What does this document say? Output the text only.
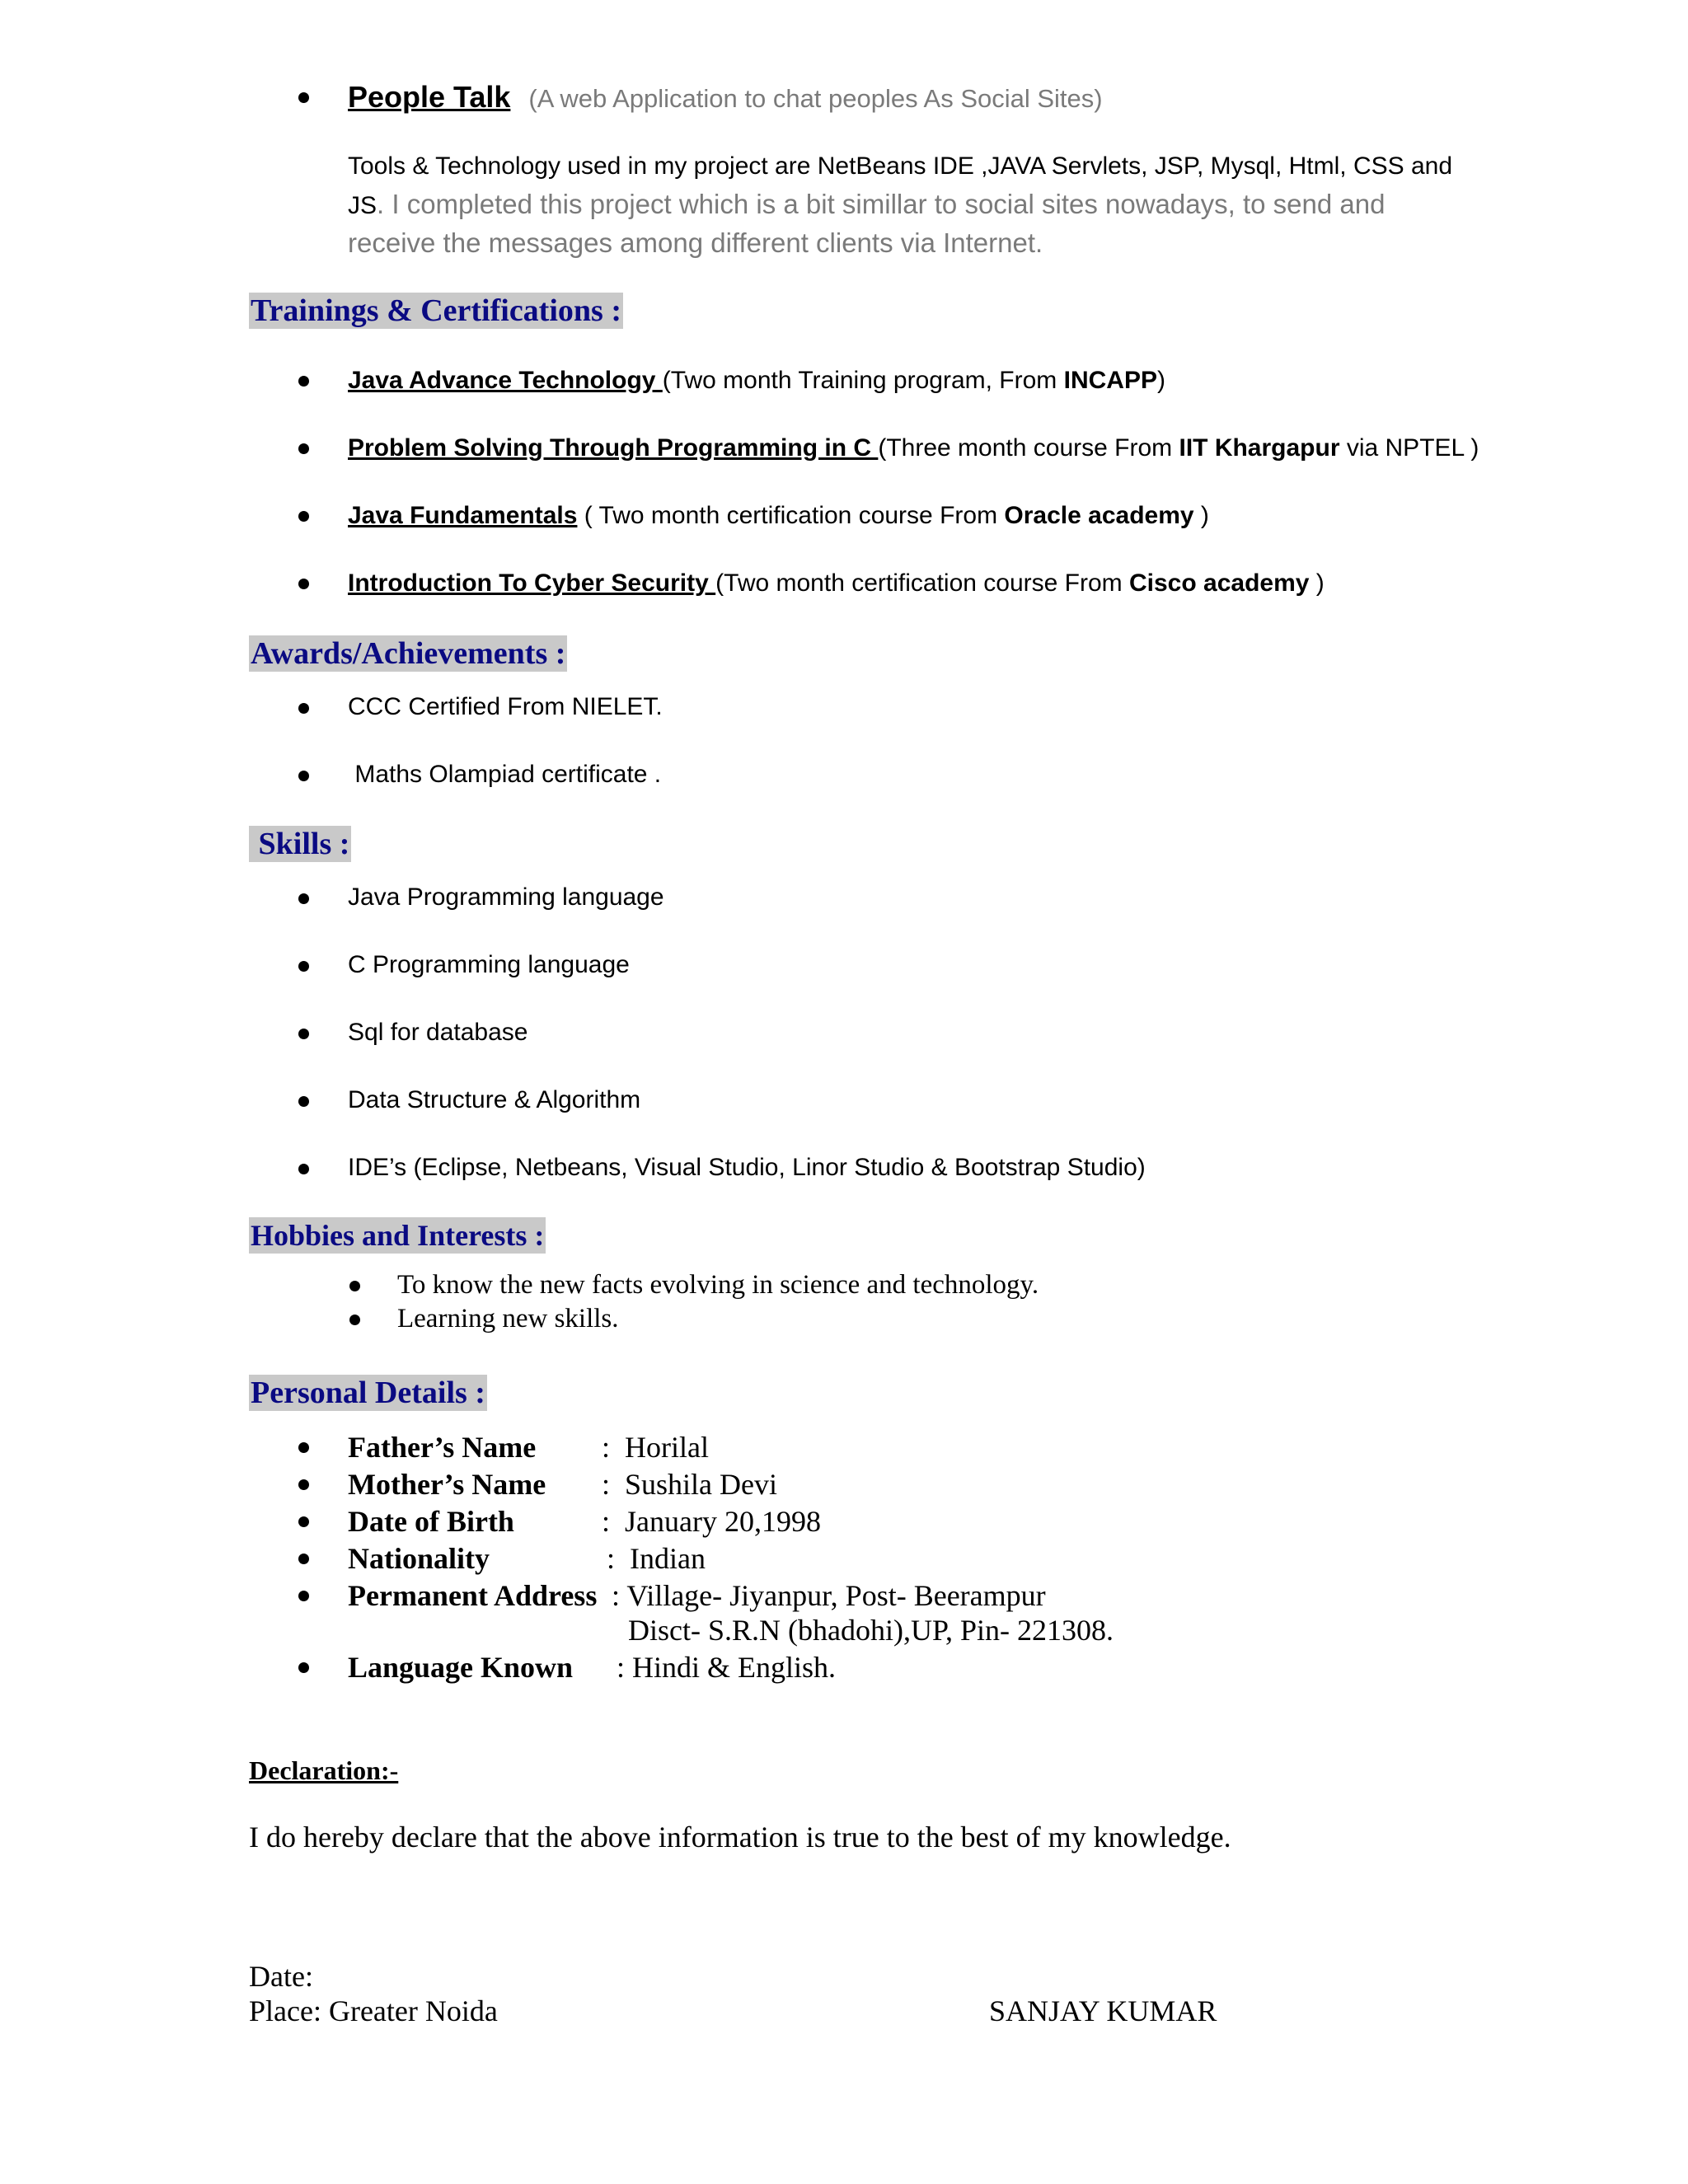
People Talk (A web Application to chat peoples As Social Sites)
Tools & Technology used in my project are NetBeans IDE ,JAVA Servlets, JSP, Mysql, Html, CSS and
JS. I completed this project which is a bit simillar to social sites nowadays, to send and
receive the messages among different clients via Internet.
Trainings & Certifications :
Java Advance Technology (Two month Training program, From INCAPP)
Problem Solving Through Programming in C (Three month course From IIT Khargapur via NPTEL )
Java Fundamentals ( Two month certification course From Oracle academy )
Introduction To Cyber Security (Two month certification course From Cisco academy )
Awards/Achievements :
CCC Certified From NIELET.
Maths Olampiad certificate .
Skills :
Java Programming language
C Programming language
Sql for database
Data Structure & Algorithm
IDE’s (Eclipse, Netbeans, Visual Studio, Linor Studio & Bootstrap Studio)
Hobbies and Interests :
To know the new facts evolving in science and technology.
Learning new skills.
Personal Details :
Father’s Name :  Horilal
Mother’s Name :  Sushila Devi
Date of Birth	:  January 20,1998
Nationality	:  Indian
Permanent Address : Village- Jiyanpur, Post- Beerampur
Disct- S.R.N (bhadohi),UP, Pin- 221308.
Language Known : Hindi & English.
Declaration:-
I do hereby declare that the above information is true to the best of my knowledge.
Date:
Place: Greater Noida	SANJAY KUMAR
